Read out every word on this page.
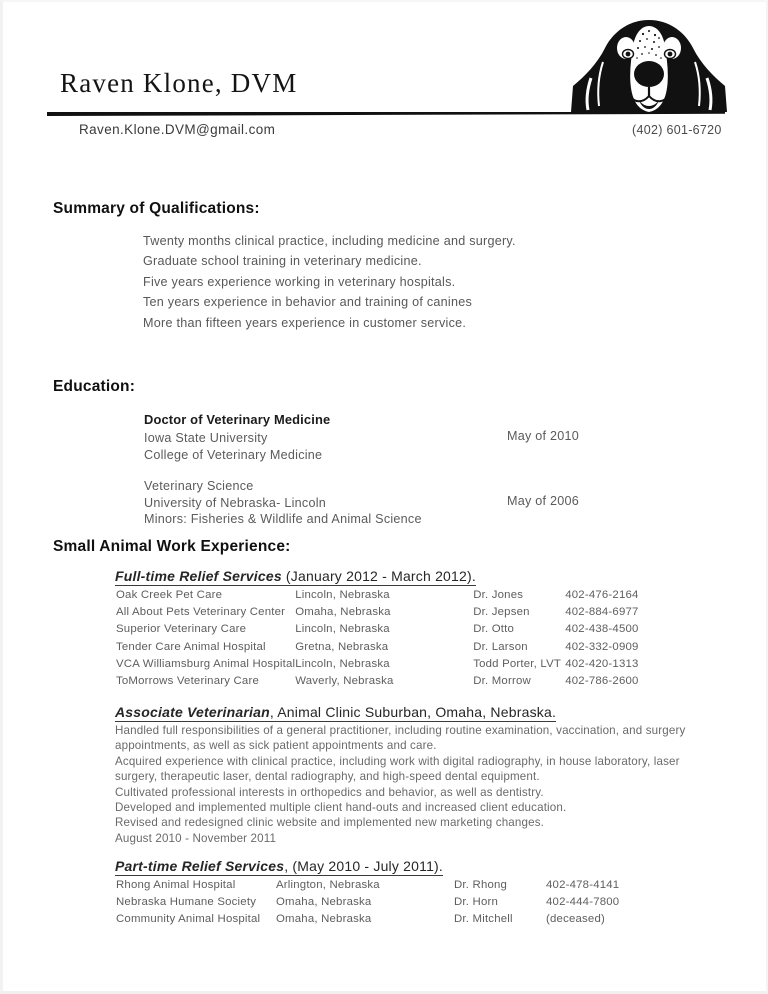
Raven Klone, DVM
Raven.Klone.DVM@gmail.com	(402) 601-6720
Summary of Qualifications:
Twenty months clinical practice, including medicine and surgery.
Graduate school training in veterinary medicine.
Five years experience working in veterinary hospitals.
Ten years experience in behavior and training of canines
More than fifteen years experience in customer service.
Education:
Doctor of Veterinary Medicine
Iowa State University	May of 2010
College of Veterinary Medicine
Veterinary Science
University of Nebraska- Lincoln	May of 2006
Minors: Fisheries & Wildlife and Animal Science
Small Animal Work Experience:
Full-time Relief Services (January 2012 - March 2012).
Oak Creek Pet Care	Lincoln, Nebraska	Dr. Jones	402-476-2164
All About Pets Veterinary Center	Omaha, Nebraska	Dr. Jepsen	402-884-6977
Superior Veterinary Care	Lincoln, Nebraska	Dr. Otto	402-438-4500
Tender Care Animal Hospital	Gretna, Nebraska	Dr. Larson	402-332-0909
VCA Williamsburg Animal Hospital	Lincoln, Nebraska	Todd Porter, LVT	402-420-1313
ToMorrows Veterinary Care	Waverly, Nebraska	Dr. Morrow	402-786-2600
Associate Veterinarian, Animal Clinic Suburban, Omaha, Nebraska.
Handled full responsibilities of a general practitioner, including routine examination, vaccination, and surgery
appointments, as well as sick patient appointments and care.
Acquired experience with clinical practice, including work with digital radiography, in house laboratory, laser
surgery, therapeutic laser, dental radiography, and high-speed dental equipment.
Cultivated professional interests in orthopedics and behavior, as well as dentistry.
Developed and implemented multiple client hand-outs and increased client education.
Revised and redesigned clinic website and implemented new marketing changes.
August 2010 - November 2011
Part-time Relief Services, (May 2010 - July 2011).
Rhong Animal Hospital	Arlington, Nebraska	Dr. Rhong	402-478-4141
Nebraska Humane Society	Omaha, Nebraska	Dr. Horn	402-444-7800
Community Animal Hospital	Omaha, Nebraska	Dr. Mitchell	(deceased)
